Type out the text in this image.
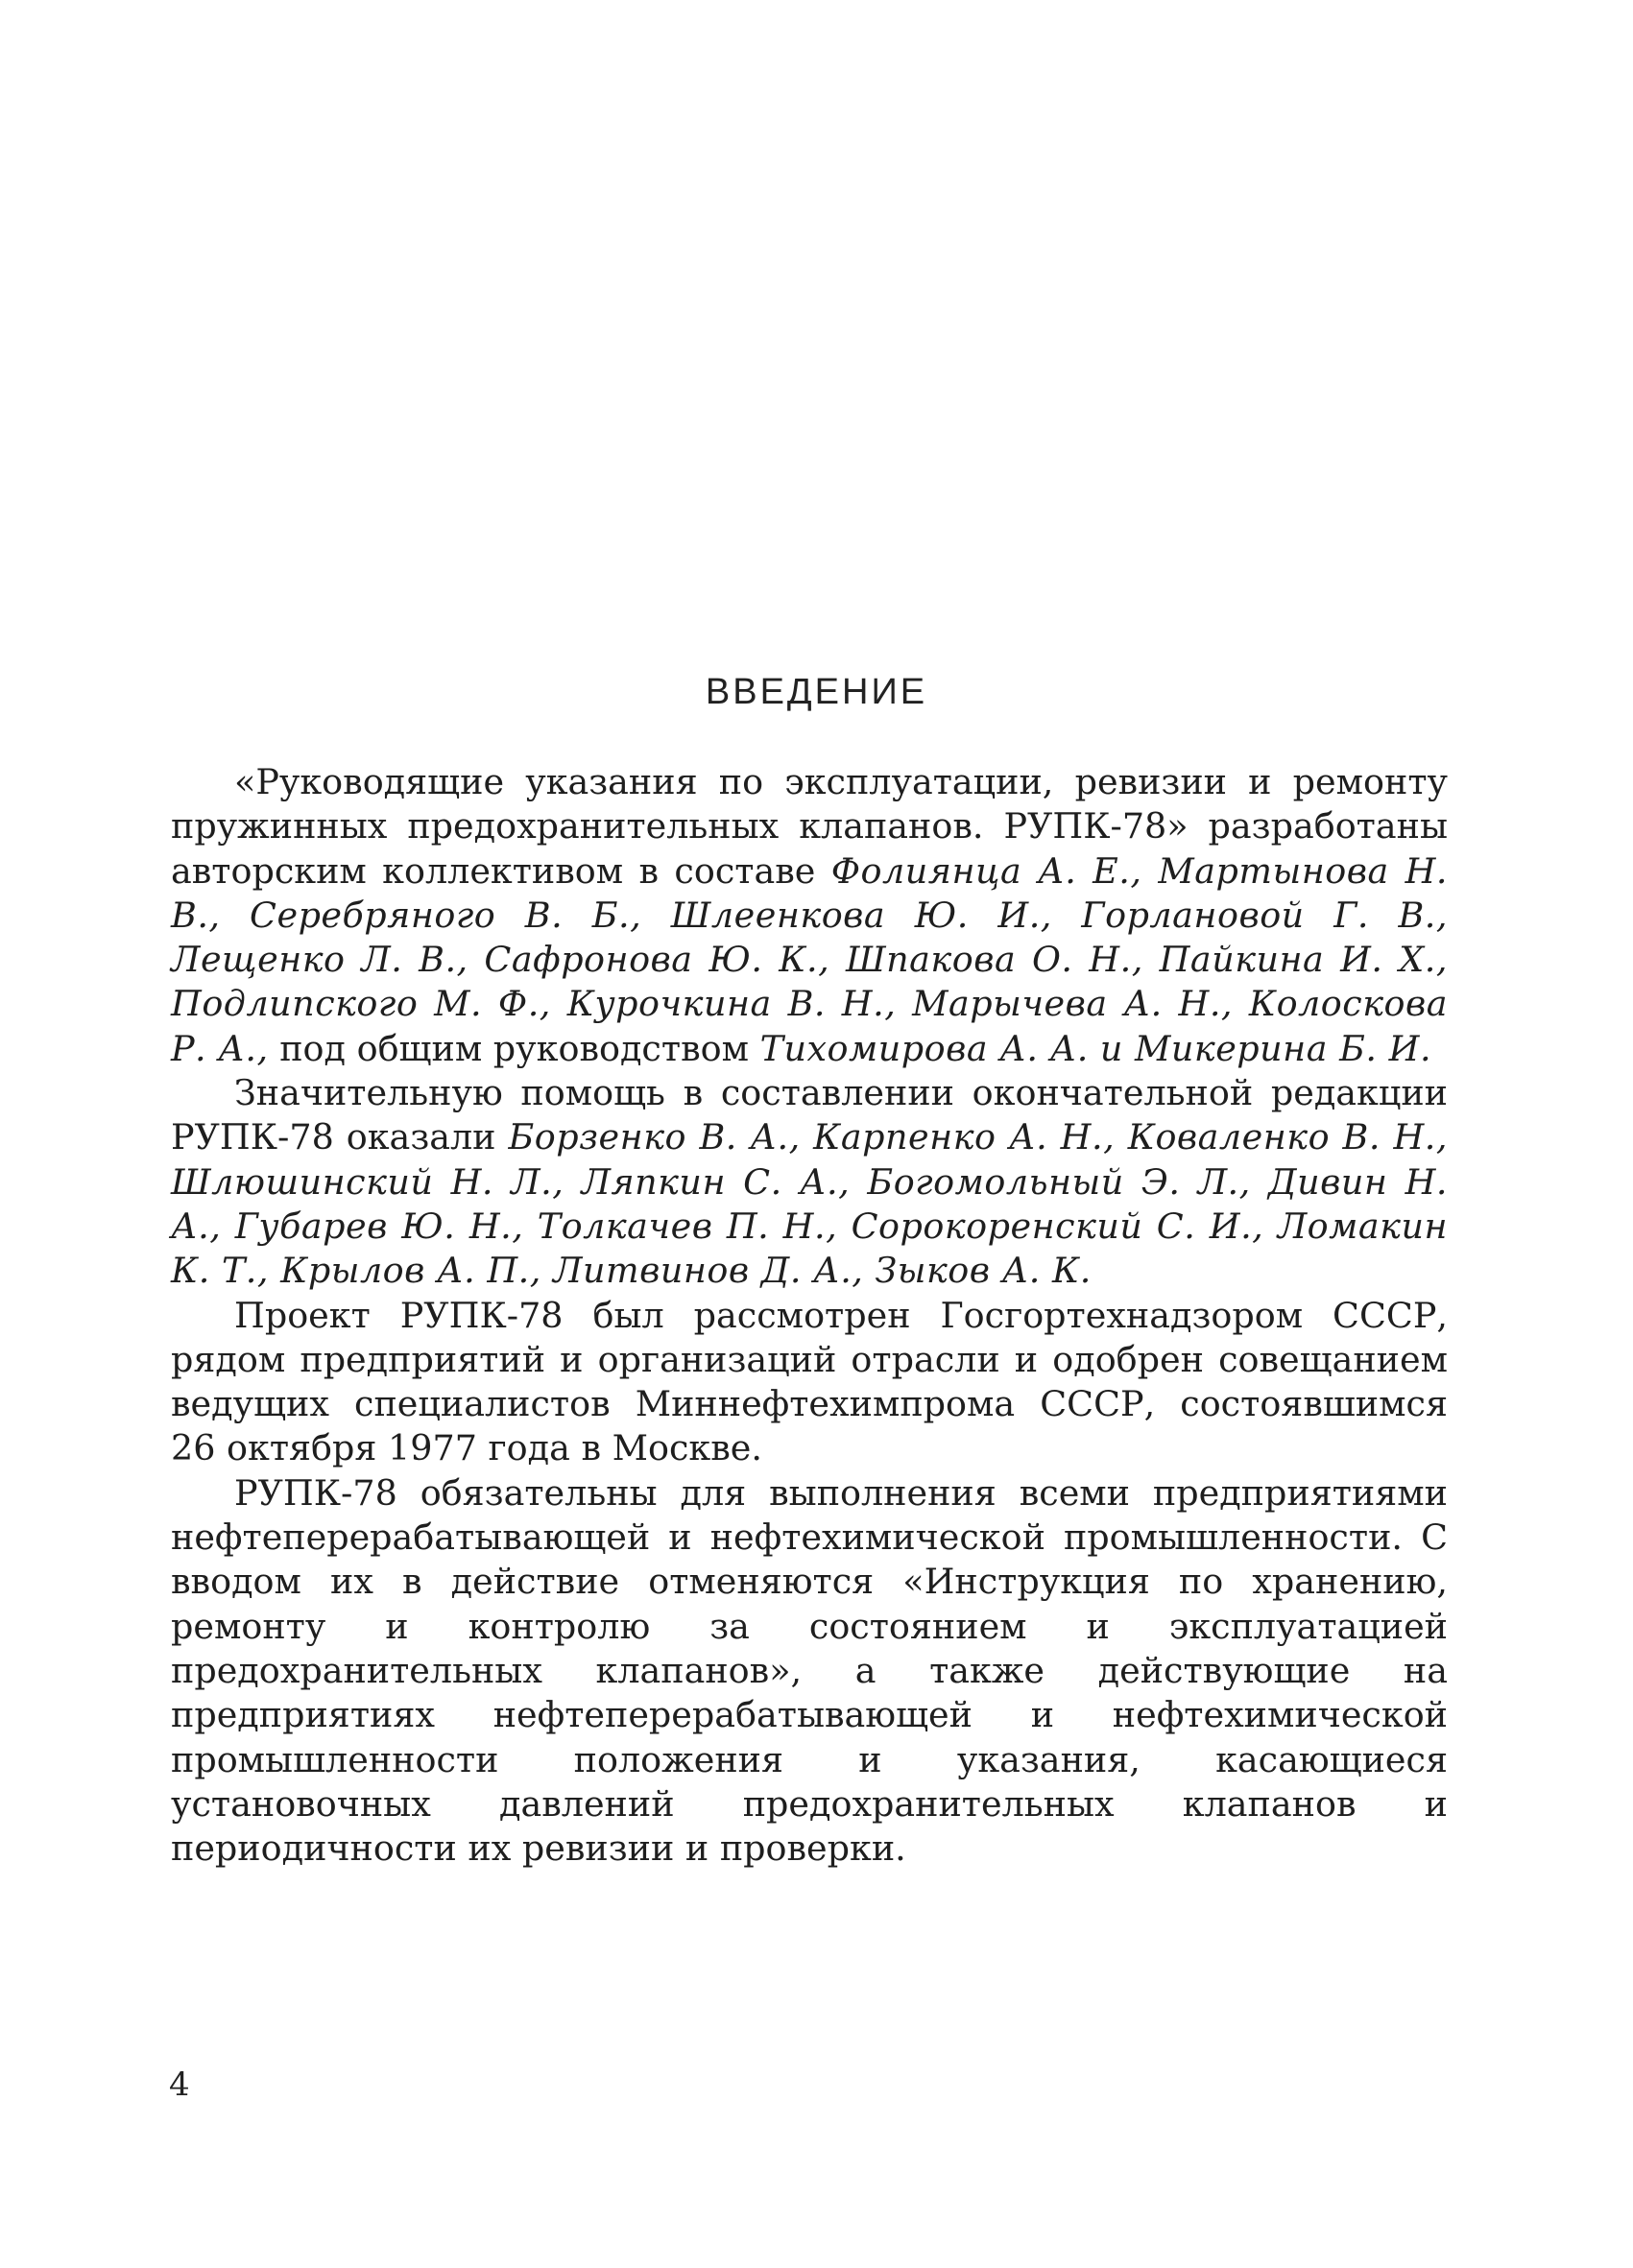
ВВЕДЕНИЕ

«Руководящие указания по эксплуатации, ревизии и ремонту пружинных предохранительных клапанов. РУПК-78» разработаны авторским коллективом в составе Фолиянца А. Е., Мартынова Н. В., Серебряного В. Б., Шлеенкова Ю. И., Горлановой Г. В., Лещенко Л. В., Сафронова Ю. К., Шпакова О. Н., Пайкина И. Х., Подлипского М. Ф., Курочкина В. Н., Марычева А. Н., Колоскова Р. А., под общим руководством Тихомирова А. А. и Микерина Б. И.

Значительную помощь в составлении окончательной редакции РУПК-78 оказали Борзенко В. А., Карпенко А. Н., Коваленко В. Н., Шлюшинский Н. Л., Ляпкин С. А., Богомольный Э. Л., Дивин Н. А., Губарев Ю. Н., Толкачев П. Н., Сорокоренский С. И., Ломакин К. Т., Крылов А. П., Литвинов Д. А., Зыков А. К.

Проект РУПК-78 был рассмотрен Госгортехнадзором СССР, рядом предприятий и организаций отрасли и одобрен совещанием ведущих специалистов Миннефтехимпрома СССР, состоявшимся 26 октября 1977 года в Москве.

РУПК-78 обязательны для выполнения всеми предприятиями нефтеперерабатывающей и нефтехимической промышленности. С вводом их в действие отменяются «Инструкция по хранению, ремонту и контролю за состоянием и эксплуатацией предохранительных клапанов», а также действующие на предприятиях нефтеперерабатывающей и нефтехимической промышленности положения и указания, касающиеся установочных давлений предохранительных клапанов и периодичности их ревизии и проверки.

4
